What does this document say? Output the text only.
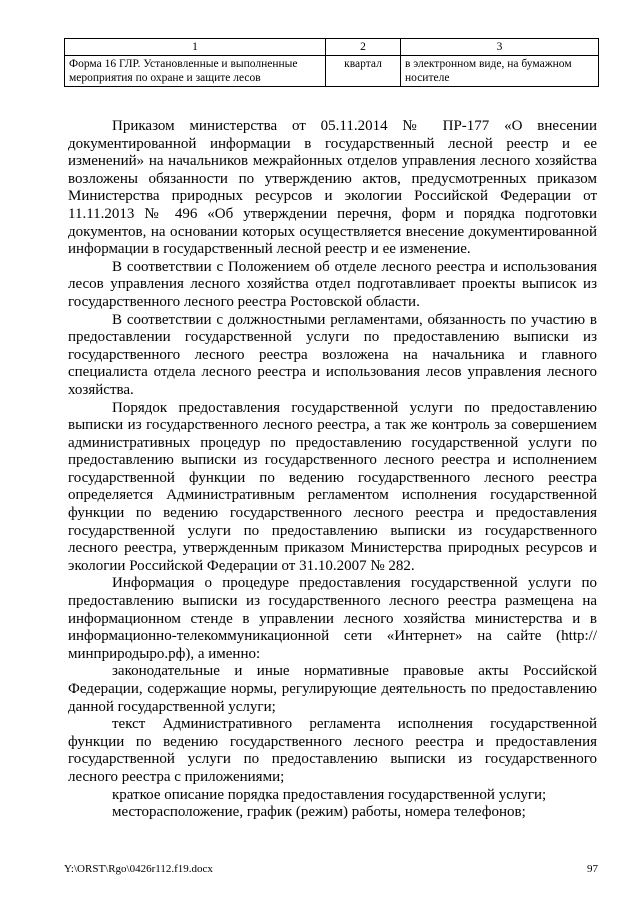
1	2	3
Форма 16 ГЛР. Установленные и выполненные мероприятия по охране и защите лесов	квартал	в электронном виде, на бумажном носителе

Приказом министерства от 05.11.2014 № ПР-177 «О внесении документированной информации в государственный лесной реестр и ее изменений» на начальников межрайонных отделов управления лесного хозяйства возложены обязанности по утверждению актов, предусмотренных приказом Министерства природных ресурсов и экологии Российской Федерации от 11.11.2013 № 496 «Об утверждении перечня, форм и порядка подготовки документов, на основании которых осуществляется внесение документированной информации в государственный лесной реестр и ее изменение.

В соответствии с Положением об отделе лесного реестра и использования лесов управления лесного хозяйства отдел подготавливает проекты выписок из государственного лесного реестра Ростовской области.

В соответствии с должностными регламентами, обязанность по участию в предоставлении государственной услуги по предоставлению выписки из государственного лесного реестра возложена на начальника и главного специалиста отдела лесного реестра и использования лесов управления лесного хозяйства.

Порядок предоставления государственной услуги по предоставлению выписки из государственного лесного реестра, а так же контроль за совершением административных процедур по предоставлению государственной услуги по предоставлению выписки из государственного лесного реестра и исполнением государственной функции по ведению государственного лесного реестра определяется Административным регламентом исполнения государственной функции по ведению государственного лесного реестра и предоставления государственной услуги по предоставлению выписки из государственного лесного реестра, утвержденным приказом Министерства природных ресурсов и экологии Российской Федерации от 31.10.2007 № 282.

Информация о процедуре предоставления государственной услуги по предоставлению выписки из государственного лесного реестра размещена на информационном стенде в управлении лесного хозяйства министерства и в информационно-телекоммуникационной сети «Интернет» на сайте (http://минприродыро.рф), а именно:

законодательные и иные нормативные правовые акты Российской Федерации, содержащие нормы, регулирующие деятельность по предоставлению данной государственной услуги;

текст Административного регламента исполнения государственной функции по ведению государственного лесного реестра и предоставления государственной услуги по предоставлению выписки из государственного лесного реестра с приложениями;

краткое описание порядка предоставления государственной услуги;

месторасположение, график (режим) работы, номера телефонов;

Y:\ORST\Rgo\0426r112.f19.docx	97
